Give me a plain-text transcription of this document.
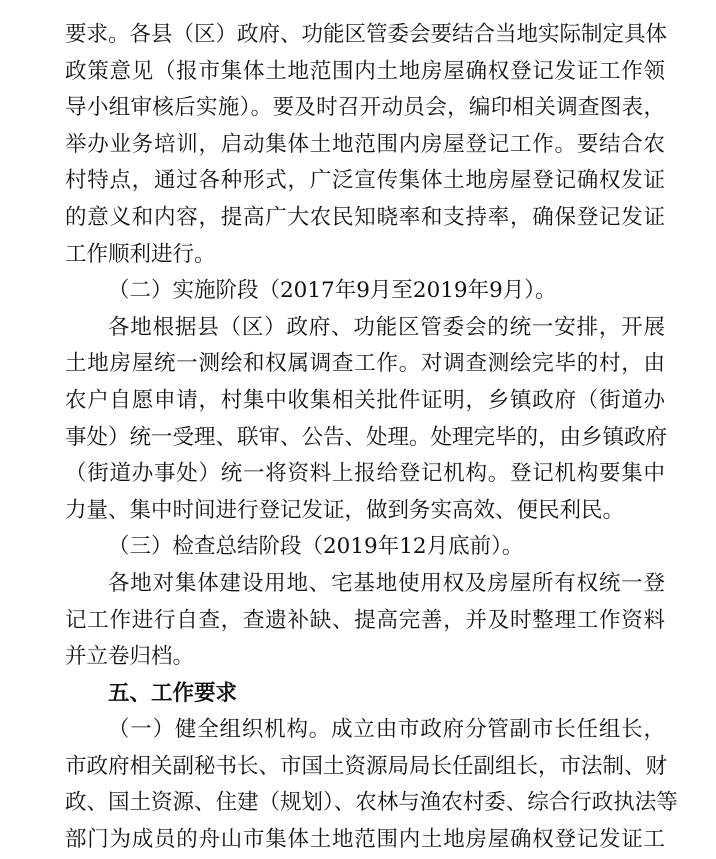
要求。各县（区）政府、功能区管委会要结合当地实际制定具体
政策意见（报市集体土地范围内土地房屋确权登记发证工作领
导小组审核后实施）。要及时召开动员会，编印相关调查图表，
举办业务培训，启动集体土地范围内房屋登记工作。要结合农
村特点，通过各种形式，广泛宣传集体土地房屋登记确权发证
的意义和内容，提高广大农民知晓率和支持率，确保登记发证
工作顺利进行。
（二）实施阶段（2017年9月至2019年9月）。
各地根据县（区）政府、功能区管委会的统一安排，开展
土地房屋统一测绘和权属调查工作。对调查测绘完毕的村，由
农户自愿申请，村集中收集相关批件证明，乡镇政府（街道办
事处）统一受理、联审、公告、处理。处理完毕的，由乡镇政府
（街道办事处）统一将资料上报给登记机构。登记机构要集中
力量、集中时间进行登记发证，做到务实高效、便民利民。
（三）检查总结阶段（2019年12月底前）。
各地对集体建设用地、宅基地使用权及房屋所有权统一登
记工作进行自查，查遗补缺、提高完善，并及时整理工作资料
并立卷归档。
五、工作要求
（一）健全组织机构。成立由市政府分管副市长任组长，
市政府相关副秘书长、市国土资源局局长任副组长，市法制、财
政、国土资源、住建（规划）、农林与渔农村委、综合行政执法等
部门为成员的舟山市集体土地范围内土地房屋确权登记发证工
